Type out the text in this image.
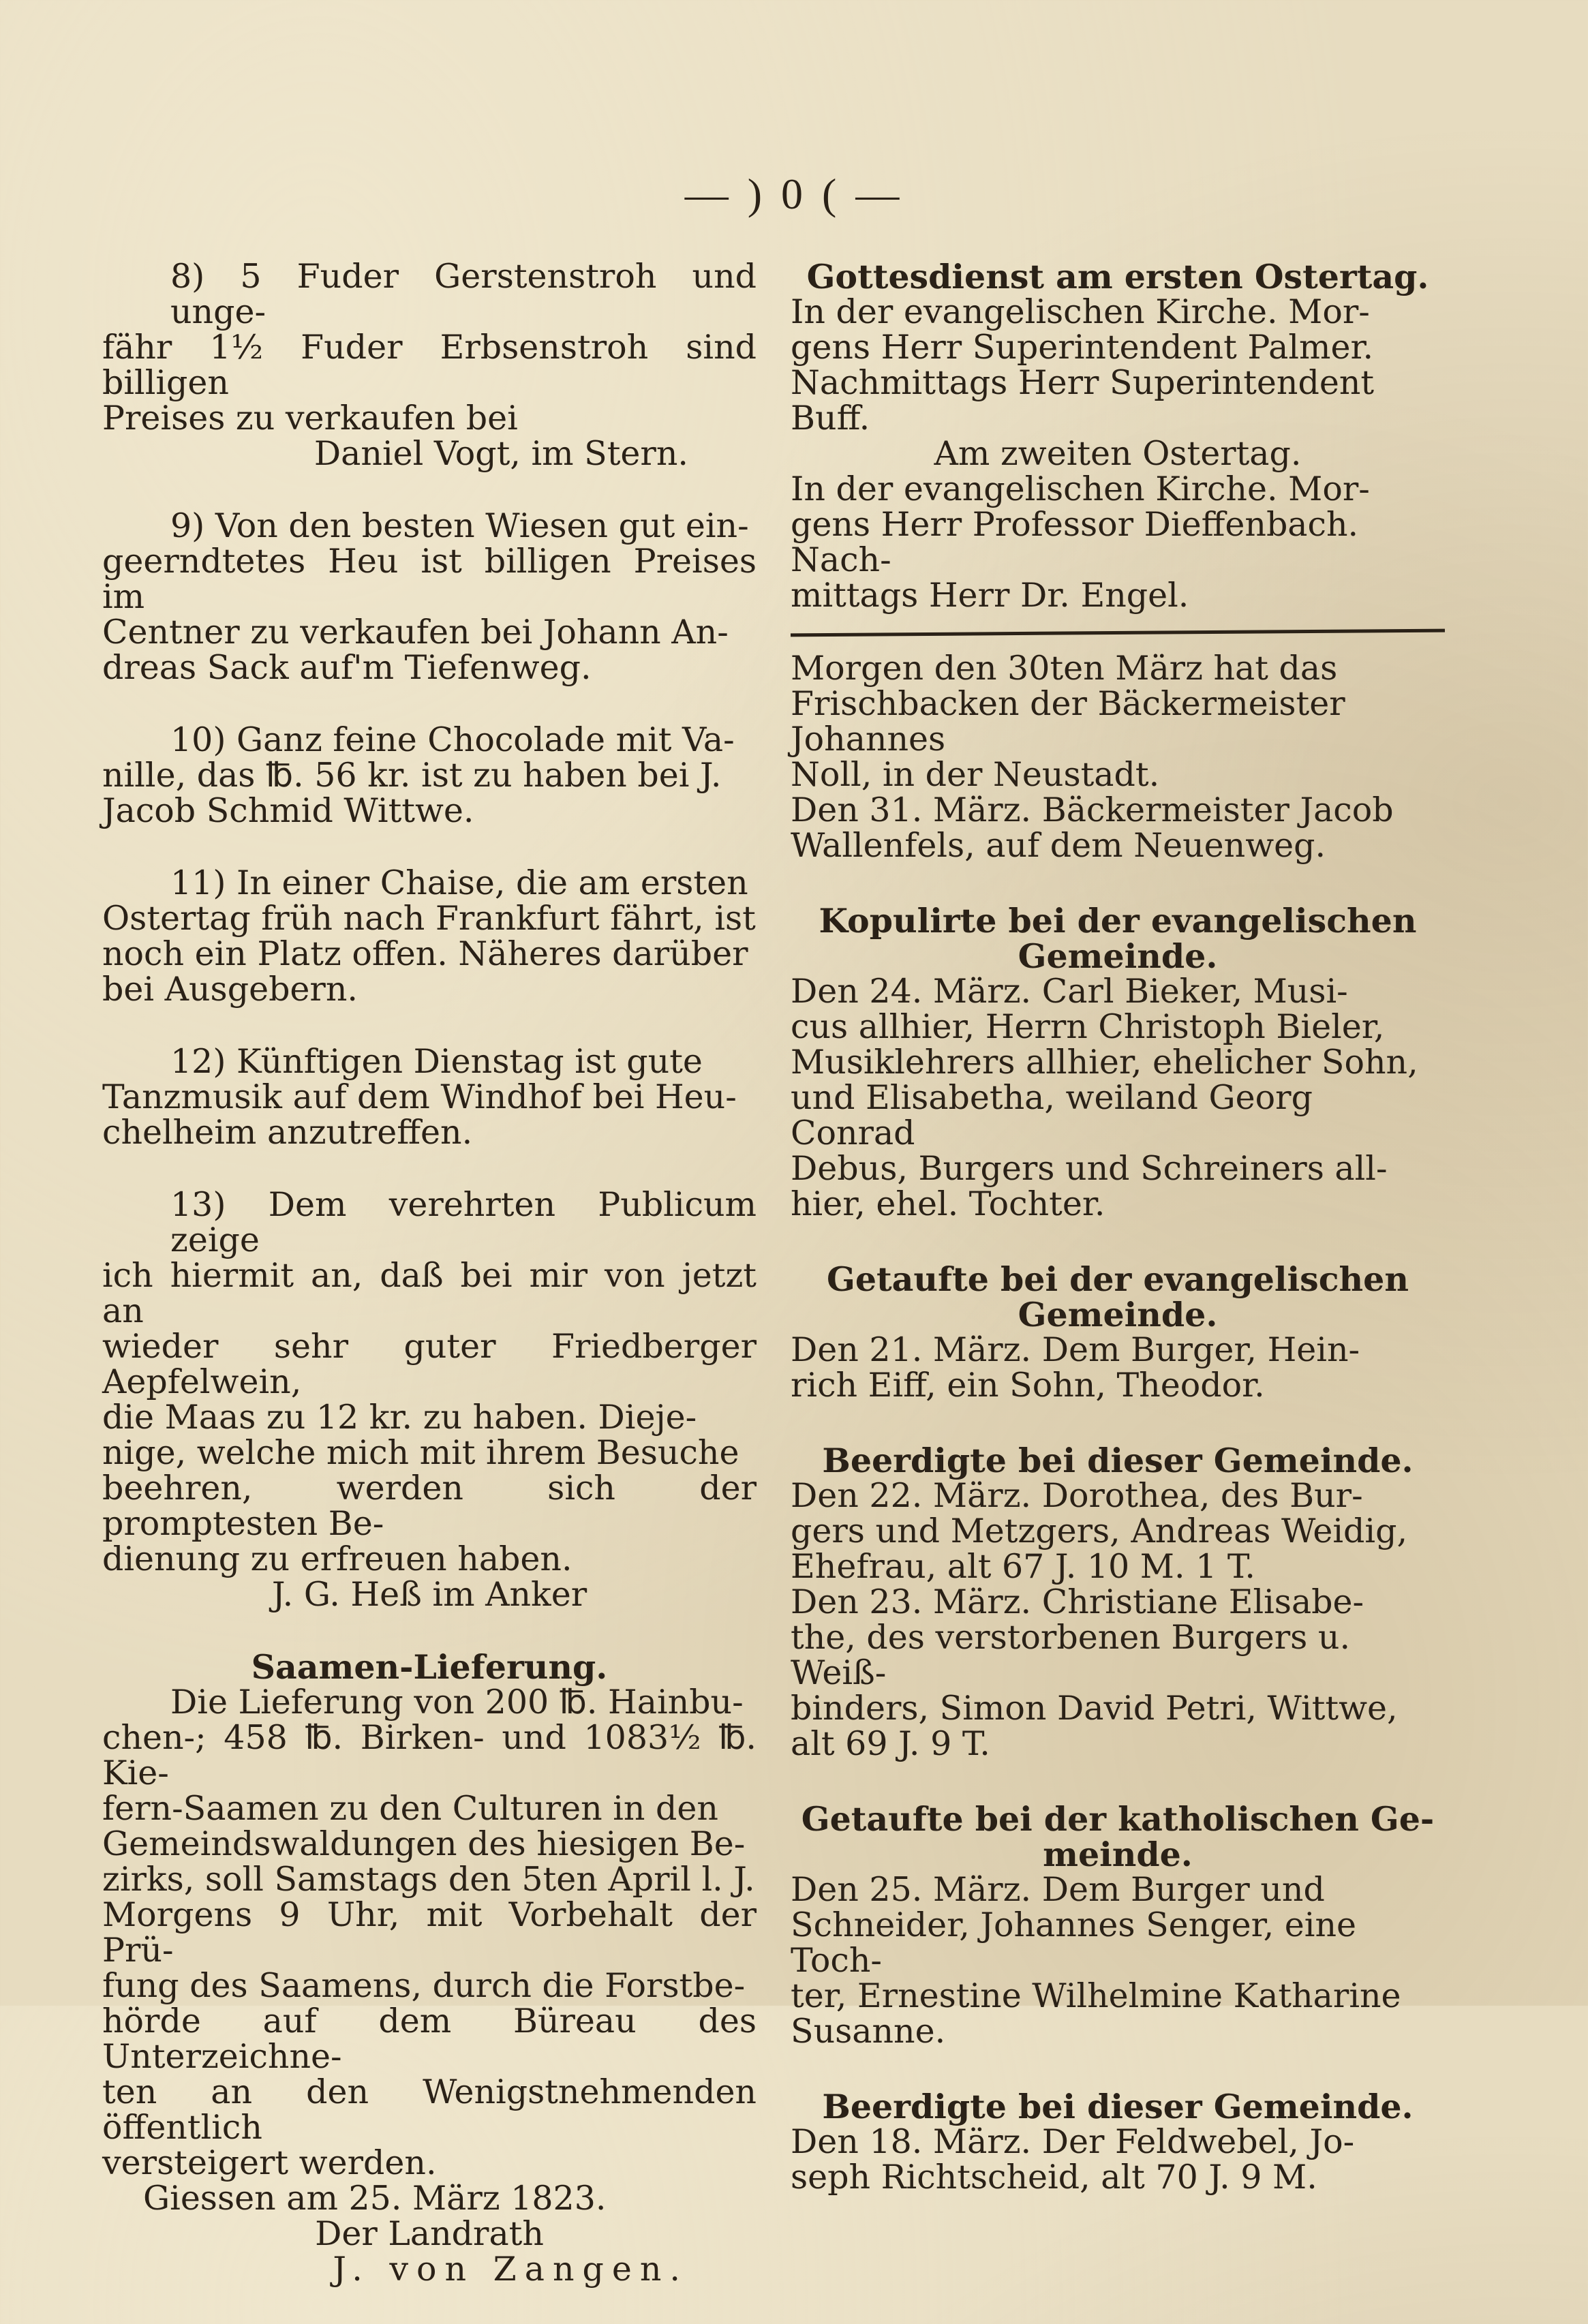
— ) 0 ( —
8) 5 Fuder Gerstenstroh und unge-
fähr 1½ Fuder Erbsenstroh sind billigen
Preises zu verkaufen bei
Daniel Vogt, im Stern.
9) Von den besten Wiesen gut ein-
geerndtetes Heu ist billigen Preises im
Centner zu verkaufen bei Johann An-
dreas Sack auf'm Tiefenweg.
10) Ganz feine Chocolade mit Va-
nille, das ℔. 56 kr. ist zu haben bei J.
Jacob Schmid Wittwe.
11) In einer Chaise, die am ersten
Ostertag früh nach Frankfurt fährt, ist
noch ein Platz offen. Näheres darüber
bei Ausgebern.
12) Künftigen Dienstag ist gute
Tanzmusik auf dem Windhof bei Heu-
chelheim anzutreffen.
13) Dem verehrten Publicum zeige
ich hiermit an, daß bei mir von jetzt an
wieder sehr guter Friedberger Aepfelwein,
die Maas zu 12 kr. zu haben. Dieje-
nige, welche mich mit ihrem Besuche
beehren, werden sich der promptesten Be-
dienung zu erfreuen haben.
J. G. Heß im Anker
Saamen-Lieferung.
Die Lieferung von 200 ℔. Hainbu-
chen-; 458 ℔. Birken- und 1083½ ℔. Kie-
fern-Saamen zu den Culturen in den
Gemeindswaldungen des hiesigen Be-
zirks, soll Samstags den 5ten April l. J.
Morgens 9 Uhr, mit Vorbehalt der Prü-
fung des Saamens, durch die Forstbe-
hörde auf dem Büreau des Unterzeichne-
ten an den Wenigstnehmenden öffentlich
versteigert werden.
Giessen am 25. März 1823.
Der Landrath
J. von Zangen.
Gottesdienst am ersten Ostertag.
In der evangelischen Kirche. Mor-
gens Herr Superintendent Palmer.
Nachmittags Herr Superintendent Buff.
Am zweiten Ostertag.
In der evangelischen Kirche. Mor-
gens Herr Professor Dieffenbach. Nach-
mittags Herr Dr. Engel.
Morgen den 30ten März hat das
Frischbacken der Bäckermeister Johannes
Noll, in der Neustadt.
Den 31. März. Bäckermeister Jacob
Wallenfels, auf dem Neuenweg.
Kopulirte bei der evangelischen
Gemeinde.
Den 24. März. Carl Bieker, Musi-
cus allhier, Herrn Christoph Bieler,
Musiklehrers allhier, ehelicher Sohn,
und Elisabetha, weiland Georg Conrad
Debus, Burgers und Schreiners all-
hier, ehel. Tochter.
Getaufte bei der evangelischen
Gemeinde.
Den 21. März. Dem Burger, Hein-
rich Eiff, ein Sohn, Theodor.
Beerdigte bei dieser Gemeinde.
Den 22. März. Dorothea, des Bur-
gers und Metzgers, Andreas Weidig,
Ehefrau, alt 67 J. 10 M. 1 T.
Den 23. März. Christiane Elisabe-
the, des verstorbenen Burgers u. Weiß-
binders, Simon David Petri, Wittwe,
alt 69 J. 9 T.
Getaufte bei der katholischen Ge-
meinde.
Den 25. März. Dem Burger und
Schneider, Johannes Senger, eine Toch-
ter, Ernestine Wilhelmine Katharine
Susanne.
Beerdigte bei dieser Gemeinde.
Den 18. März. Der Feldwebel, Jo-
seph Richtscheid, alt 70 J. 9 M.
